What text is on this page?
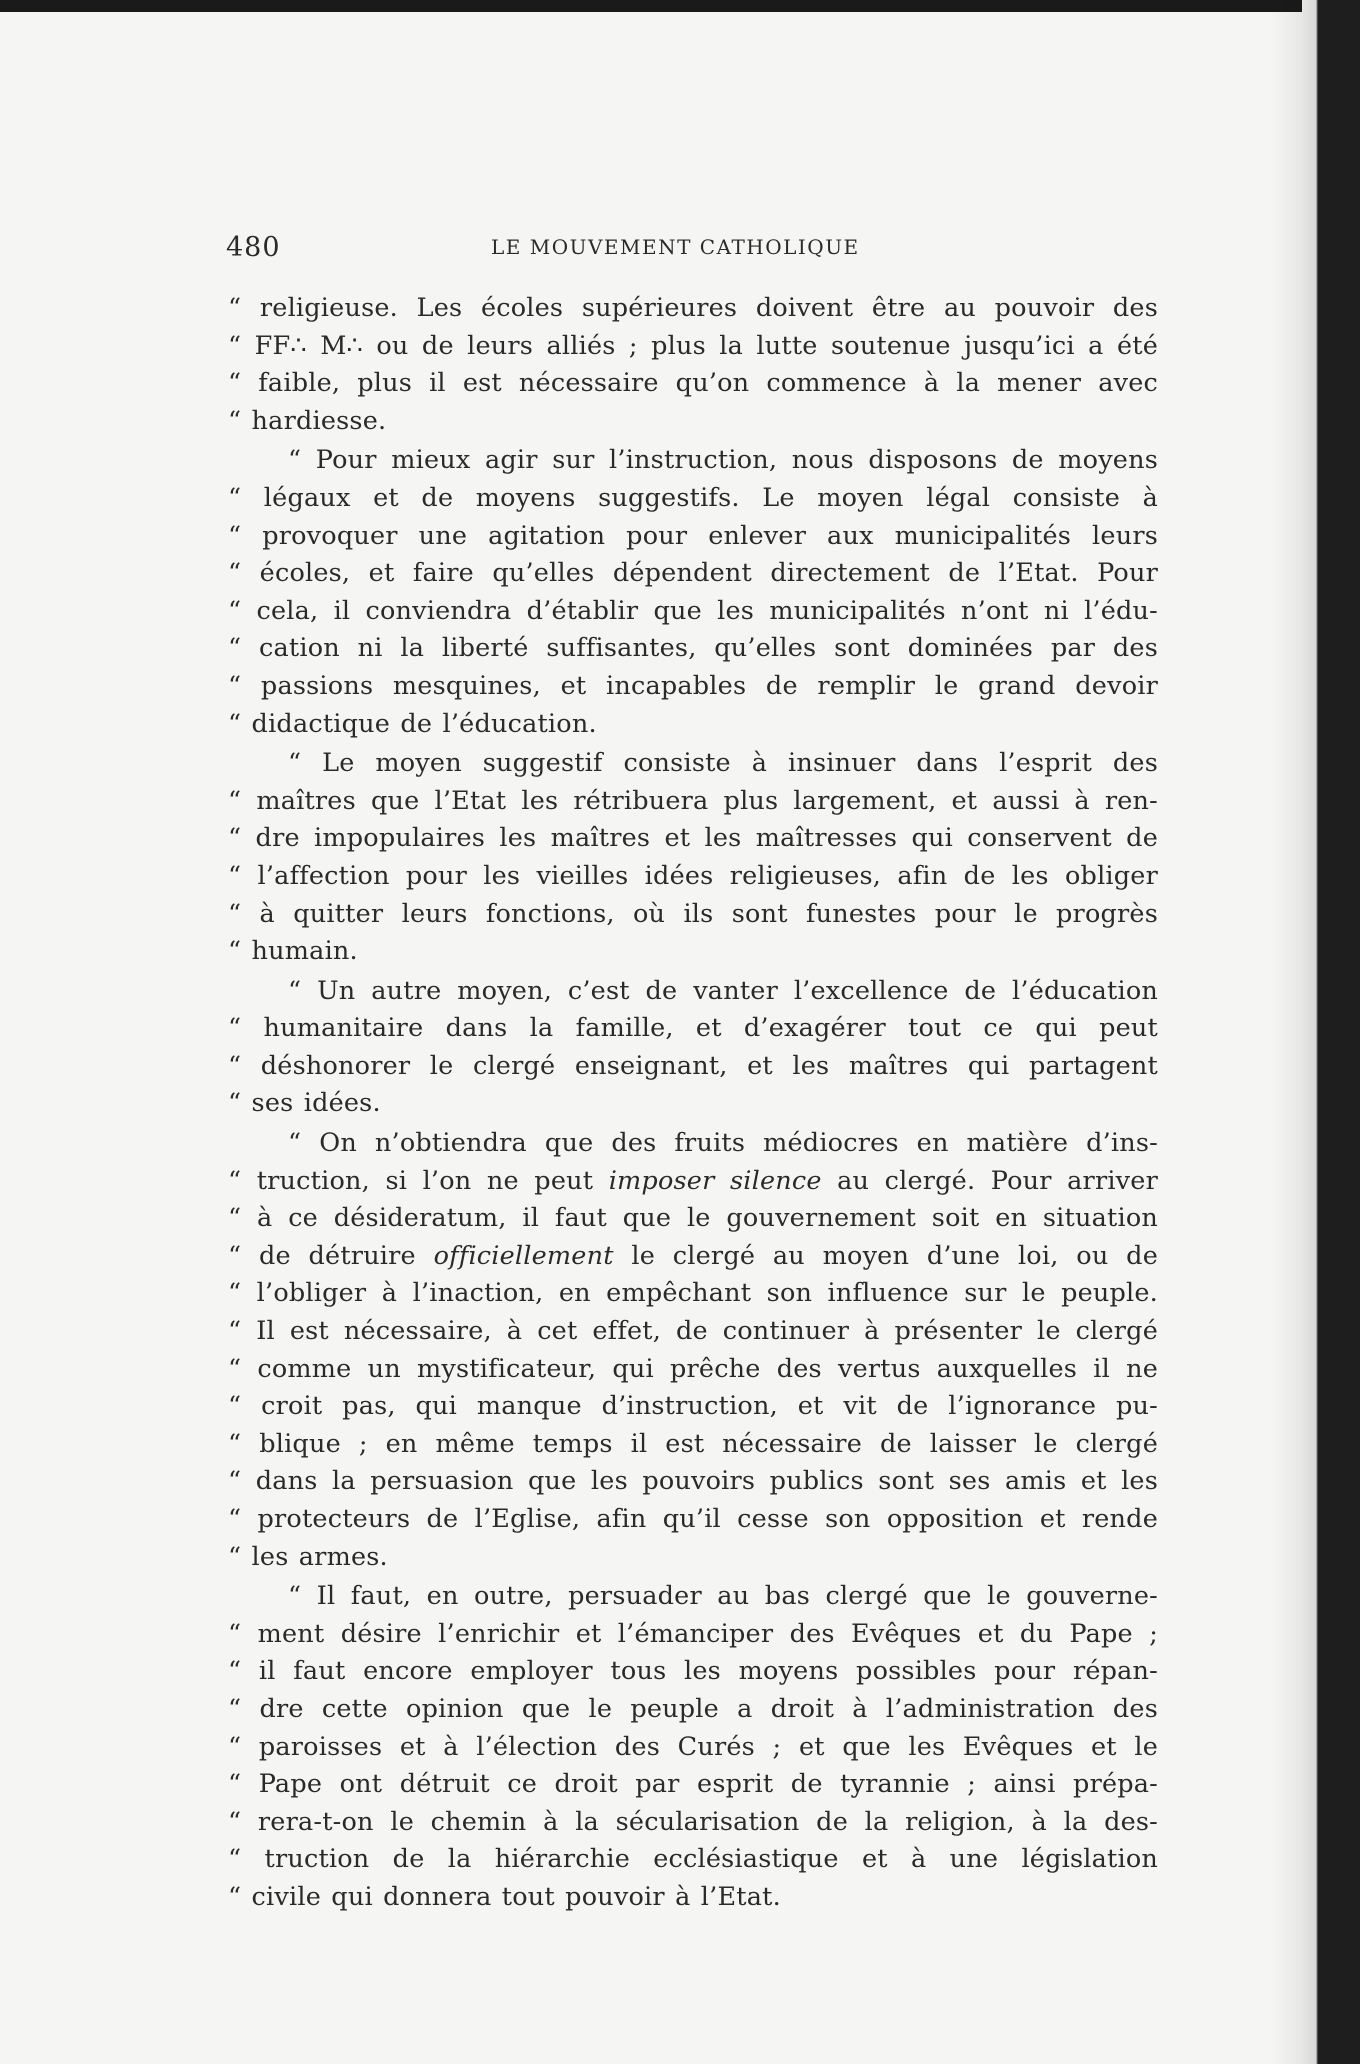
480	LE MOUVEMENT CATHOLIQUE
“ religieuse. Les écoles supérieures doivent être au pouvoir des
“ FF∴ M∴ ou de leurs alliés ; plus la lutte soutenue jusqu’ici a été
“ faible, plus il est nécessaire qu’on commence à la mener avec
“ hardiesse.
“ Pour mieux agir sur l’instruction, nous disposons de moyens
“ légaux et de moyens suggestifs. Le moyen légal consiste à
“ provoquer une agitation pour enlever aux municipalités leurs
“ écoles, et faire qu’elles dépendent directement de l’Etat. Pour
“ cela, il conviendra d’établir que les municipalités n’ont ni l’édu-
“ cation ni la liberté suffisantes, qu’elles sont dominées par des
“ passions mesquines, et incapables de remplir le grand devoir
“ didactique de l’éducation.
“ Le moyen suggestif consiste à insinuer dans l’esprit des
“ maîtres que l’Etat les rétribuera plus largement, et aussi à ren-
“ dre impopulaires les maîtres et les maîtresses qui conservent de
“ l’affection pour les vieilles idées religieuses, afin de les obliger
“ à quitter leurs fonctions, où ils sont funestes pour le progrès
“ humain.
“ Un autre moyen, c’est de vanter l’excellence de l’éducation
“ humanitaire dans la famille, et d’exagérer tout ce qui peut
“ déshonorer le clergé enseignant, et les maîtres qui partagent
“ ses idées.
“ On n’obtiendra que des fruits médiocres en matière d’ins-
“ truction, si l’on ne peut imposer silence au clergé. Pour arriver
“ à ce désideratum, il faut que le gouvernement soit en situation
“ de détruire officiellement le clergé au moyen d’une loi, ou de
“ l’obliger à l’inaction, en empêchant son influence sur le peuple.
“ Il est nécessaire, à cet effet, de continuer à présenter le clergé
“ comme un mystificateur, qui prêche des vertus auxquelles il ne
“ croit pas, qui manque d’instruction, et vit de l’ignorance pu-
“ blique ; en même temps il est nécessaire de laisser le clergé
“ dans la persuasion que les pouvoirs publics sont ses amis et les
“ protecteurs de l’Eglise, afin qu’il cesse son opposition et rende
“ les armes.
“ Il faut, en outre, persuader au bas clergé que le gouverne-
“ ment désire l’enrichir et l’émanciper des Evêques et du Pape ;
“ il faut encore employer tous les moyens possibles pour répan-
“ dre cette opinion que le peuple a droit à l’administration des
“ paroisses et à l’élection des Curés ; et que les Evêques et le
“ Pape ont détruit ce droit par esprit de tyrannie ; ainsi prépa-
“ rera-t-on le chemin à la sécularisation de la religion, à la des-
“ truction de la hiérarchie ecclésiastique et à une législation
“ civile qui donnera tout pouvoir à l’Etat.
